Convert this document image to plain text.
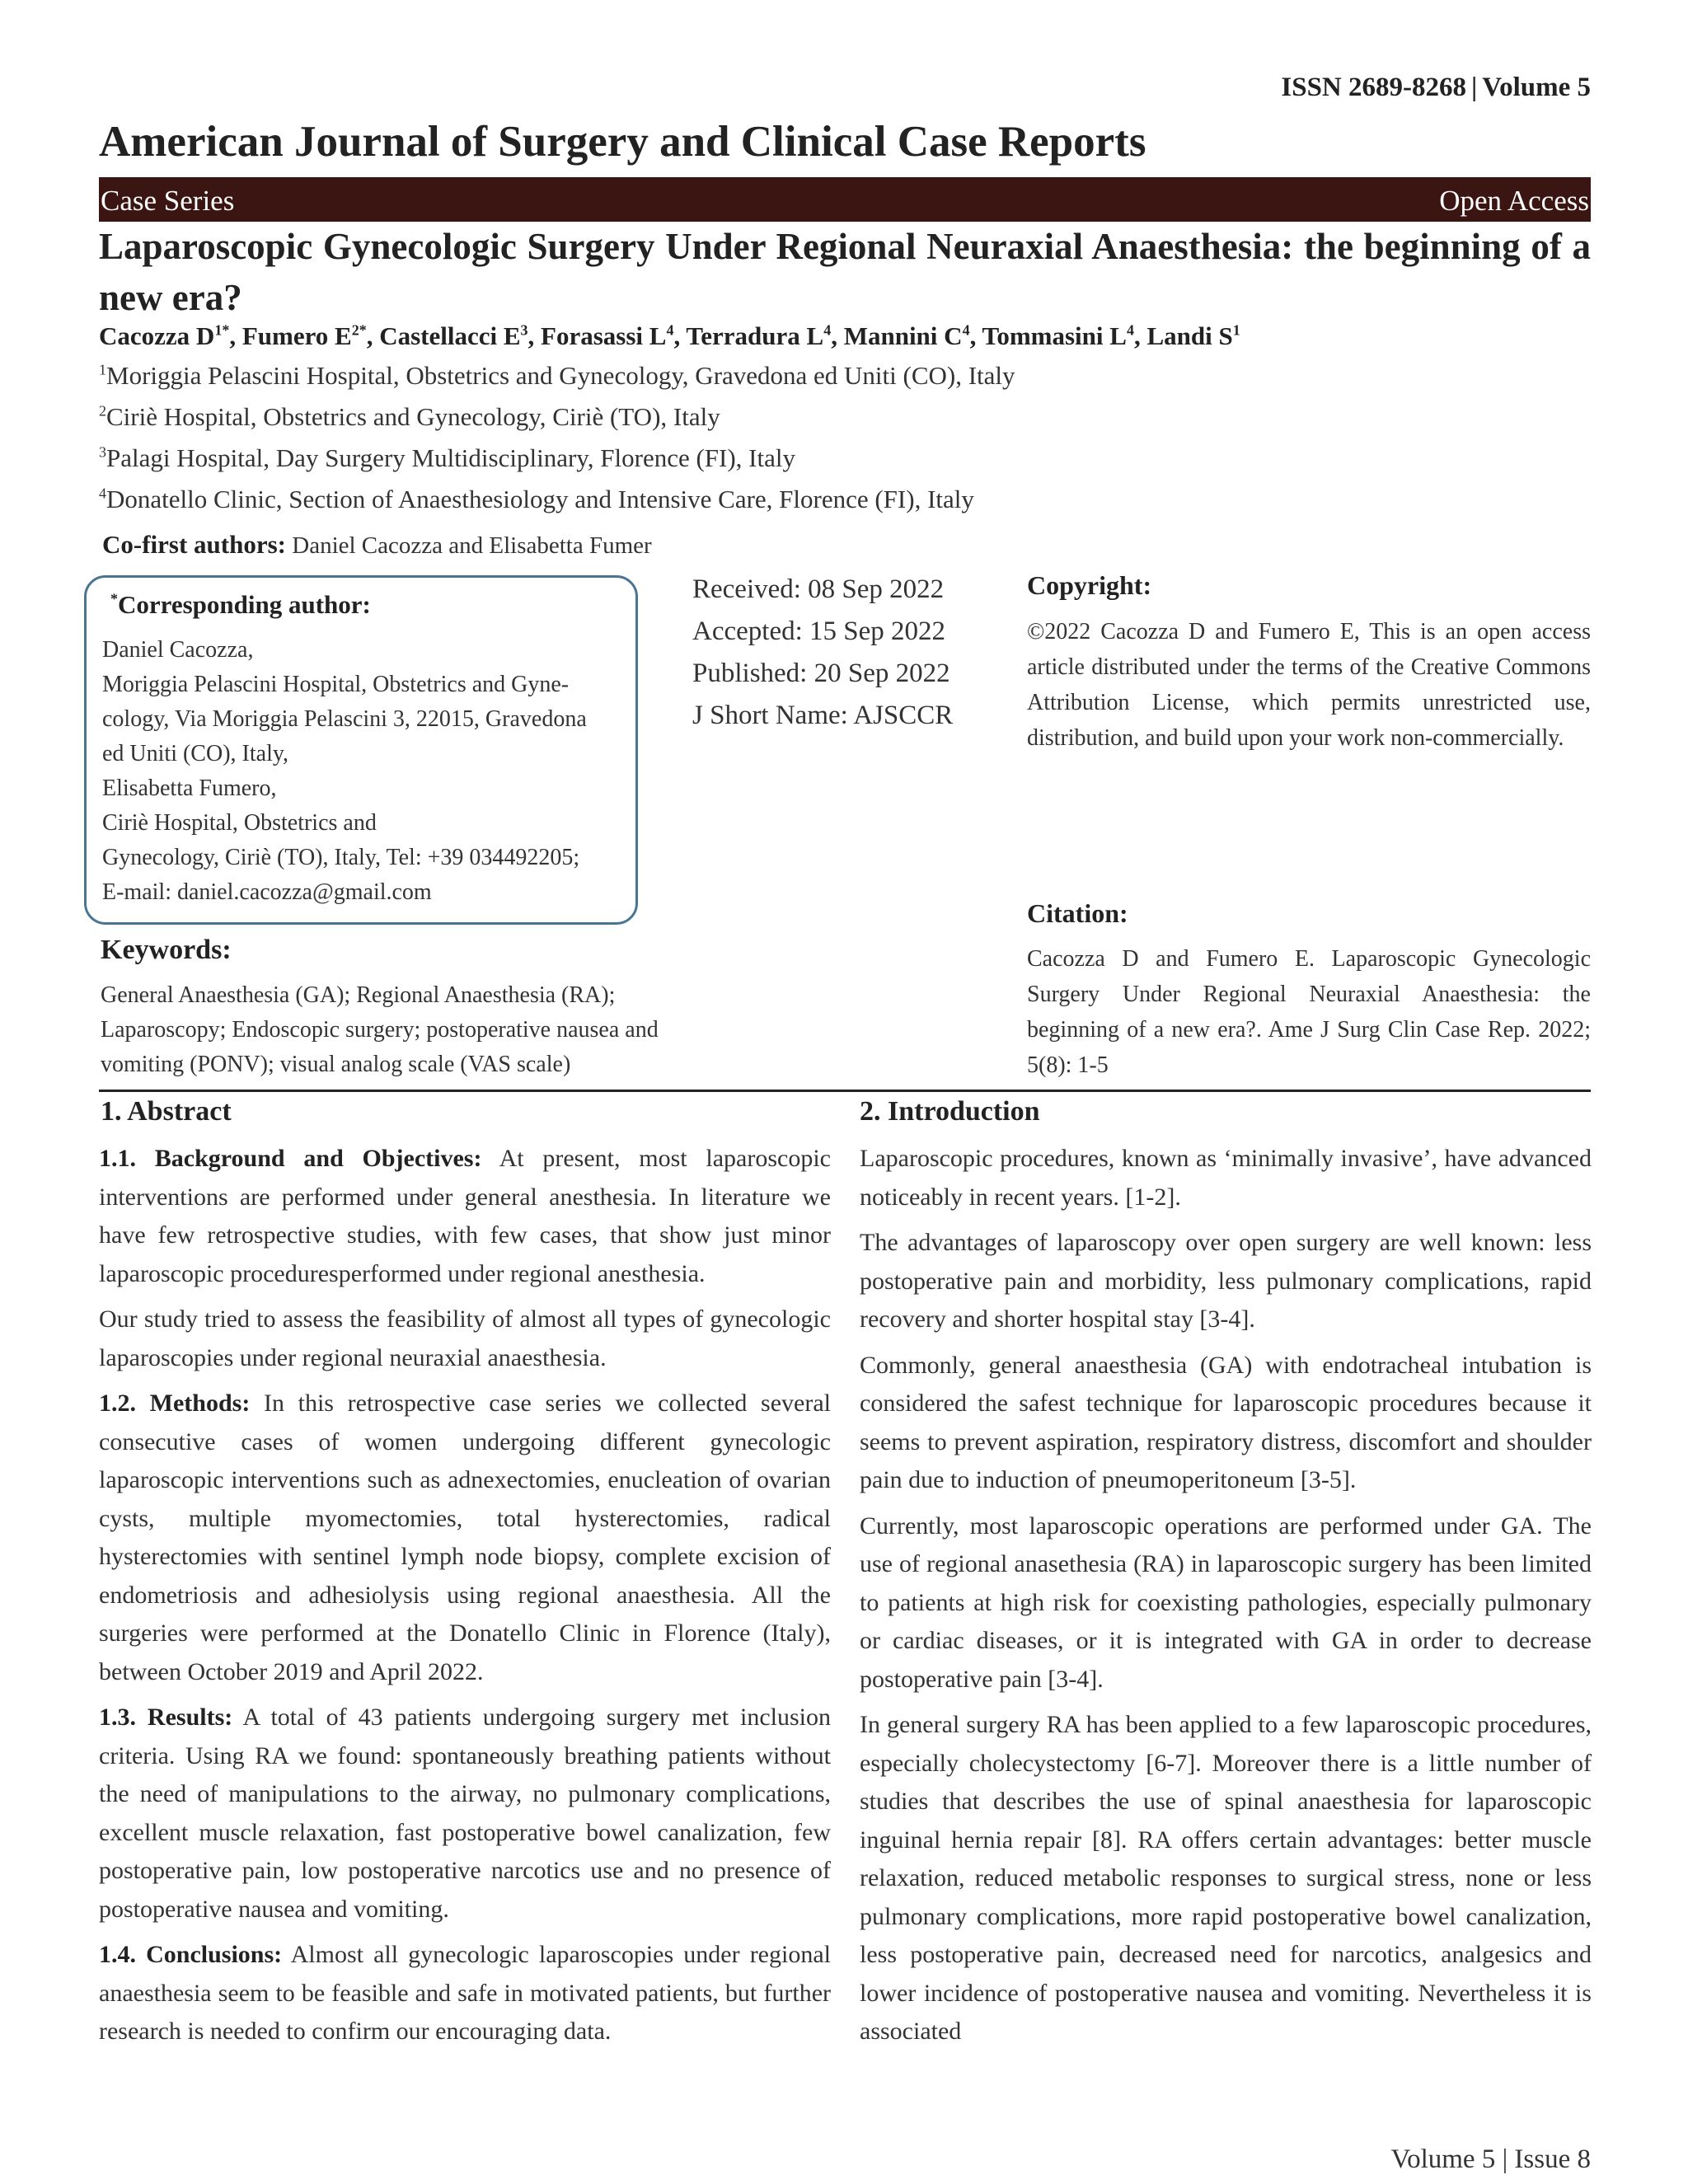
ISSN 2689-8268 | Volume 5
American Journal of Surgery and Clinical Case Reports
Case Series	Open Access
Laparoscopic Gynecologic Surgery Under Regional Neuraxial Anaesthesia: the beginning of a new era?
Cacozza $D^{1*}$, Fumero $E^{2*}$, Castellacci $E^3$, Forasassi $L^4$, Terradura $L^4$, Mannini $C^4$, Tommasini $L^4$, Landi $S^1$
$^1$Moriggia Pelascini Hospital, Obstetrics and Gynecology, Gravedona ed Uniti (CO), Italy
$^2$Ciriè Hospital, Obstetrics and Gynecology, Ciriè (TO), Italy
$^3$Palagi Hospital, Day Surgery Multidisciplinary, Florence (FI), Italy
$^4$Donatello Clinic, Section of Anaesthesiology and Intensive Care, Florence (FI), Italy
Co-first authors: Daniel Cacozza and Elisabetta Fumer
*Corresponding author:
Daniel Cacozza,
Moriggia Pelascini Hospital, Obstetrics and Gyne-
cology, Via Moriggia Pelascini 3, 22015, Gravedona
ed Uniti (CO), Italy,
Elisabetta Fumero,
Ciriè Hospital, Obstetrics and
Gynecology, Ciriè (TO), Italy, Tel: +39 034492205;
E-mail: daniel.cacozza@gmail.com
Received: 08 Sep 2022
Accepted: 15 Sep 2022
Published: 20 Sep 2022
J Short Name: AJSCCR
Copyright:
©2022 Cacozza D and Fumero E, This is an open access article distributed under the terms of the Creative Commons Attribution License, which permits unrestricted use, distribution, and build upon your work non-commercially.
Citation:
Cacozza D and Fumero E. Laparoscopic Gynecologic Surgery Under Regional Neuraxial Anaesthesia: the beginning of a new era?. Ame J Surg Clin Case Rep. 2022; 5(8): 1-5
Keywords:
General Anaesthesia (GA); Regional Anaesthesia (RA); Laparoscopy; Endoscopic surgery; postoperative nausea and vomiting (PONV); visual analog scale (VAS scale)
1. Abstract

1.1. Background and Objectives: At present, most laparoscopic interventions are performed under general anesthesia. In literature we have few retrospective studies, with few cases, that show just minor laparoscopic proceduresperformed under regional anesthesia.

Our study tried to assess the feasibility of almost all types of gynecologic laparoscopies under regional neuraxial anaesthesia.

1.2. Methods: In this retrospective case series we collected several consecutive cases of women undergoing different gynecologic laparoscopic interventions such as adnexectomies, enucleation of ovarian cysts, multiple myomectomies, total hysterectomies, radical hysterectomies with sentinel lymph node biopsy, complete excision of endometriosis and adhesiolysis using regional anaesthesia. All the surgeries were performed at the Donatello Clinic in Florence (Italy), between October 2019 and April 2022.

1.3. Results: A total of 43 patients undergoing surgery met inclusion criteria. Using RA we found: spontaneously breathing patients without the need of manipulations to the airway, no pulmonary complications, excellent muscle relaxation, fast postoperative bowel canalization, few postoperative pain, low postoperative narcotics use and no presence of postoperative nausea and vomiting.

1.4. Conclusions: Almost all gynecologic laparoscopies under regional anaesthesia seem to be feasible and safe in motivated patients, but further research is needed to confirm our encouraging data.

2. Introduction

Laparoscopic procedures, known as ‘minimally invasive’, have advanced noticeably in recent years. [1-2].

The advantages of laparoscopy over open surgery are well known: less postoperative pain and morbidity, less pulmonary complications, rapid recovery and shorter hospital stay [3-4].

Commonly, general anaesthesia (GA) with endotracheal intubation is considered the safest technique for laparoscopic procedures because it seems to prevent aspiration, respiratory distress, discomfort and shoulder pain due to induction of pneumoperitoneum [3-5].

Currently, most laparoscopic operations are performed under GA. The use of regional anasethesia (RA) in laparoscopic surgery has been limited to patients at high risk for coexisting pathologies, especially pulmonary or cardiac diseases, or it is integrated with GA in order to decrease postoperative pain [3-4].

In general surgery RA has been applied to a few laparoscopic procedures, especially cholecystectomy [6-7]. Moreover there is a little number of studies that describes the use of spinal anaesthesia for laparoscopic inguinal hernia repair [8]. RA offers certain advantages: better muscle relaxation, reduced metabolic responses to surgical stress, none or less pulmonary complications, more rapid postoperative bowel canalization, less postoperative pain, decreased need for narcotics, analgesics and lower incidence of postoperative nausea and vomiting. Nevertheless it is associated

Volume 5 | Issue 8
